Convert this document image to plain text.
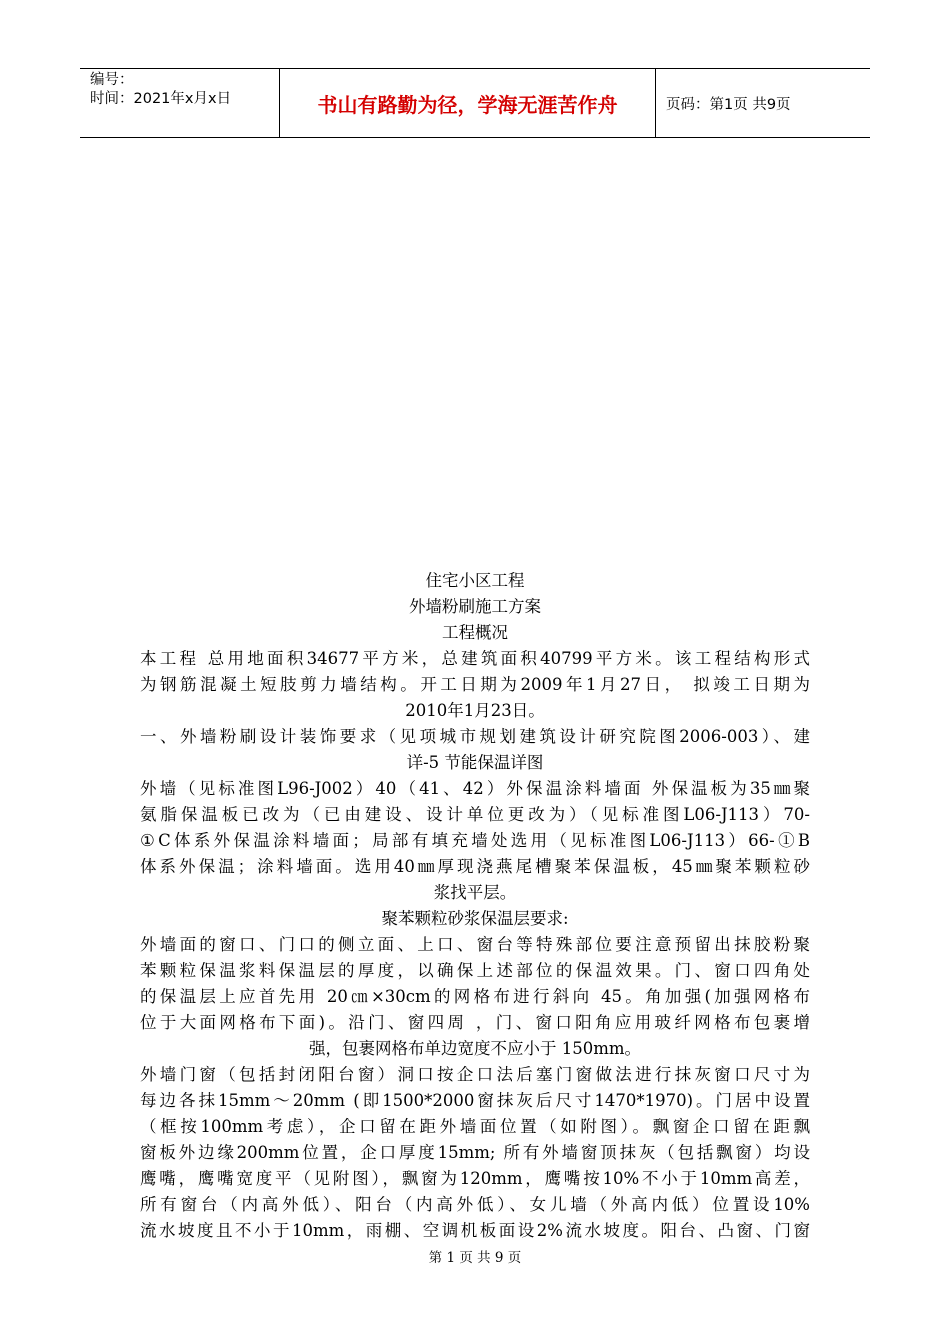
编号：
时间：2021年x月x日	书山有路勤为径，学海无涯苦作舟	页码：第1页 共9页
住宅小区工程
外墙粉刷施工方案
工程概况
本工程 总用地面积34677平方米，总建筑面积40799平方米。该工程结构形式
为钢筋混凝土短肢剪力墙结构。开工日期为2009年1月27日， 拟竣工日期为
2010年1月23日。
一、外墙粉刷设计装饰要求（见项城市规划建筑设计研究院图2006-003）、建
详-5 节能保温详图
外墙（见标准图L96-J002）40（41、42）外保温涂料墙面 外保温板为35㎜聚
氨脂保温板已改为（已由建设、设计单位更改为）（见标准图L06-J113）70-
①C体系外保温涂料墙面；局部有填充墙处选用（见标准图L06-J113）66-①B
体系外保温；涂料墙面。选用40㎜厚现浇燕尾槽聚苯保温板，45㎜聚苯颗粒砂
浆找平层。
聚苯颗粒砂浆保温层要求:
外墙面的窗口、门口的侧立面、上口、窗台等特殊部位要注意预留出抹胶粉聚
苯颗粒保温浆料保温层的厚度，以确保上述部位的保温效果。门、窗口四角处
的保温层上应首先用 20㎝×30cm的网格布进行斜向 45。角加强(加强网格布
位于大面网格布下面)。沿门、窗四周 ，门、窗口阳角应用玻纤网格布包裹增
强，包裹网格布单边宽度不应小于 150mm。
外墙门窗（包括封闭阳台窗）洞口按企口法后塞门窗做法进行抹灰窗口尺寸为
每边各抹15mm～20mm (即1500*2000窗抹灰后尺寸1470*1970)。门居中设置
（框按100mm考虑），企口留在距外墙面位置（如附图）。飘窗企口留在距飘
窗板外边缘200mm位置，企口厚度15mm; 所有外墙窗顶抹灰（包括飘窗）均设
鹰嘴，鹰嘴宽度平（见附图），飘窗为120mm，鹰嘴按10%不小于10mm高差，
所有窗台（内高外低）、阳台（内高外低）、女儿墙（外高内低）位置设10%
流水坡度且不小于10mm，雨棚、空调机板面设2%流水坡度。阳台、凸窗、门窗
第 1 页 共 9 页
